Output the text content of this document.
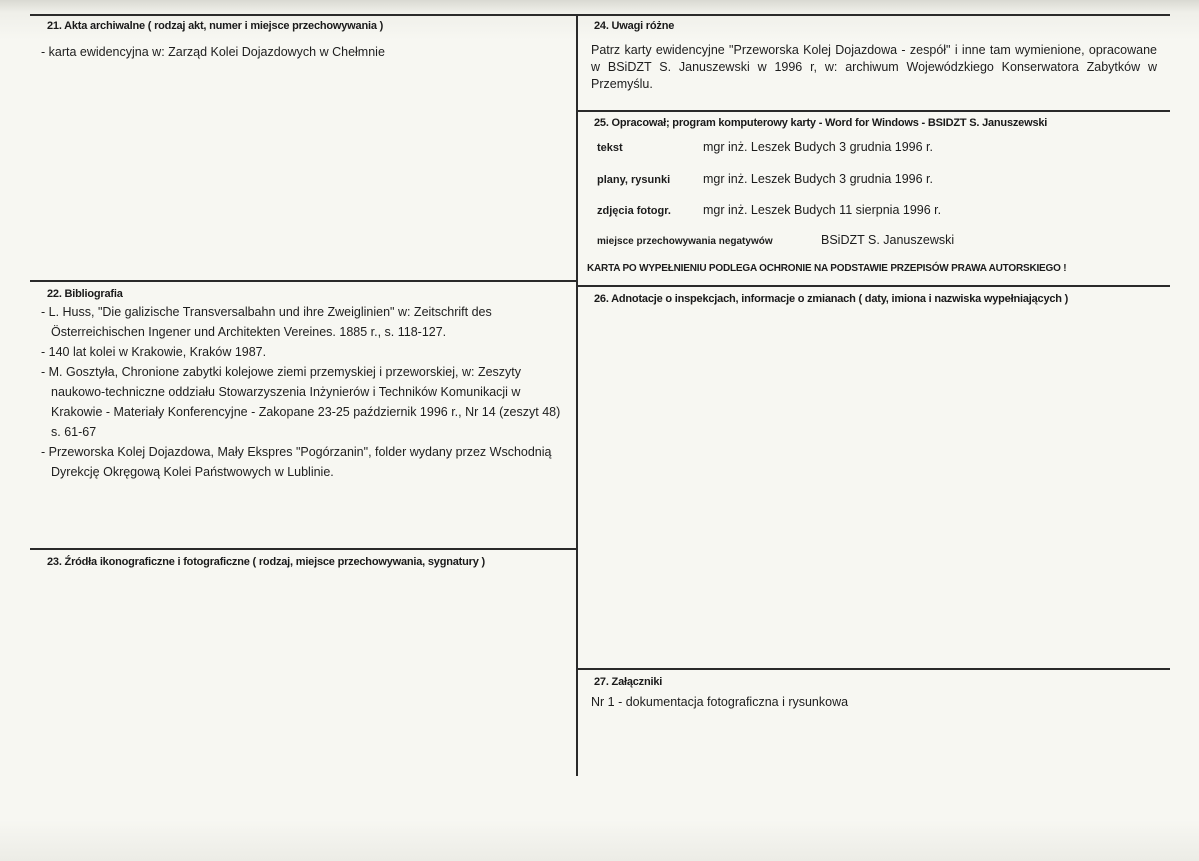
21. Akta archiwalne ( rodzaj akt, numer i miejsce przechowywania )
- karta ewidencyjna w: Zarząd Kolei Dojazdowych w Chełmnie
22. Bibliografia

- L. Huss, "Die galizische Transversalbahn und ihre Zweiglinien" w: Zeitschrift des Österreichischen Ingener und Architekten Vereines. 1885 r., s. 118-127.

- 140 lat kolei w Krakowie, Kraków 1987.

- M. Gosztyła, Chronione zabytki kolejowe ziemi przemyskiej i przeworskiej, w: Zeszyty naukowo-techniczne oddziału Stowarzyszenia Inżynierów i Techników Komunikacji w Krakowie - Materiały Konferencyjne - Zakopane 23-25 październik 1996 r., Nr 14 (zeszyt 48) s. 61-67

- Przeworska Kolej Dojazdowa, Mały Ekspres "Pogórzanin", folder wydany przez Wschodnią Dyrekcję Okręgową Kolei Państwowych w Lublinie.

23. Źródła ikonograficzne i fotograficzne ( rodzaj, miejsce przechowywania, sygnatury )
24. Uwagi różne
Patrz karty ewidencyjne "Przeworska Kolej Dojazdowa - zespół" i inne tam wymienione, opracowane w BSiDZT S. Januszewski w 1996 r, w: archiwum Wojewódzkiego Konserwatora Zabytków w Przemyślu.
25. Opracował; program komputerowy karty - Word for Windows - BSIDZT S. Januszewski
tekst	mgr inż. Leszek Budych 3 grudnia 1996 r.
plany, rysunki	mgr inż. Leszek Budych 3 grudnia 1996 r.
zdjęcia fotogr.	mgr inż. Leszek Budych 11 sierpnia 1996 r.
miejsce przechowywania negatywów	BSiDZT S. Januszewski
KARTA PO WYPEŁNIENIU PODLEGA OCHRONIE NA PODSTAWIE PRZEPISÓW PRAWA AUTORSKIEGO !
26. Adnotacje o inspekcjach, informacje o zmianach ( daty, imiona i nazwiska wypełniających )
27. Załączniki
Nr 1 - dokumentacja fotograficzna i rysunkowa
